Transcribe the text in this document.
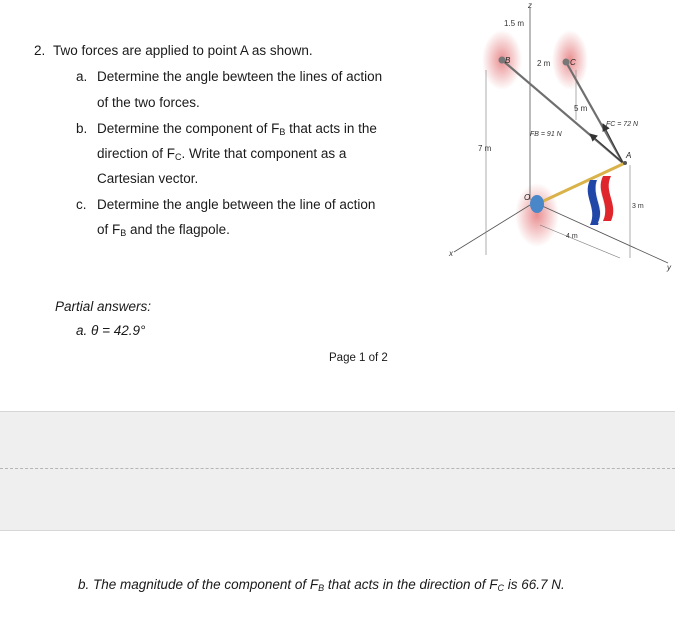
2. Two forces are applied to point A as shown.
a. Determine the angle bewteen the lines of action
of the two forces.
b. Determine the component of $F_B$ that acts in the
direction of $F_C$. Write that component as a
Cartesian vector.
c. Determine the angle between the line of action
of $F_B$ and the flagpole.
Partial answers:
a. θ = 42.9°
Page 1 of 2
b. The magnitude of the component of $F_B$ that acts in the direction of $F_C$ is 66.7 N.
z
x
y
7 m
1.5 m
2 m
5 m
3 m
4 m
FB = 91 N
FC = 72 N
B	C
A
O
